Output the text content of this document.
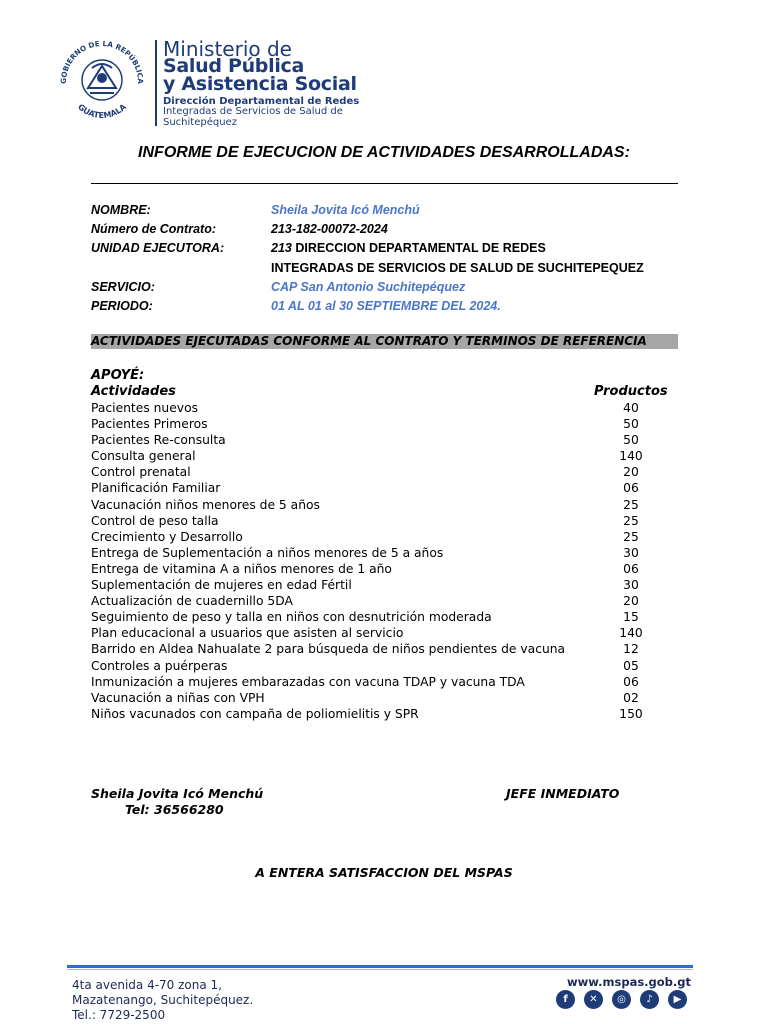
GOBIERNO DE LA REPÚBLICA
GUATEMALA
Ministerio de
Salud Pública
y Asistencia Social
Dirección Departamental de Redes
Integradas de Servicios de Salud de Suchitepéquez
INFORME DE EJECUCION DE ACTIVIDADES DESARROLLADAS:
NOMBRE:	Sheila Jovita Icó Menchú
Número de Contrato:	213-182-00072-2024
UNIDAD EJECUTORA:	213 DIRECCION DEPARTAMENTAL DE REDES
INTEGRADAS DE SERVICIOS DE SALUD DE SUCHITEPEQUEZ
SERVICIO:	CAP San Antonio Suchitepéquez
PERIODO:	01 AL 01 al 30 SEPTIEMBRE DEL 2024.
ACTIVIDADES EJECUTADAS CONFORME AL CONTRATO Y TERMINOS DE REFERENCIA
APOYÉ:
Actividades	Productos
Pacientes nuevos	40
Pacientes Primeros	50
Pacientes Re-consulta	50
Consulta general	140
Control prenatal	20
Planificación Familiar	06
Vacunación niños menores de 5 años	25
Control de peso talla	25
Crecimiento y Desarrollo	25
Entrega de Suplementación a niños menores de 5 a años	30
Entrega de vitamina A a niños menores de 1 año	06
Suplementación de mujeres en edad Fértil	30
Actualización de cuadernillo 5DA	20
Seguimiento de peso y talla en niños con desnutrición moderada	15
Plan educacional a usuarios que asisten al servicio	140
Barrido en Aldea Nahualate 2 para búsqueda de niños pendientes de vacuna	12
Controles a puérperas	05
Inmunización a mujeres embarazadas con vacuna TDAP y vacuna TDA	06
Vacunación a niñas con VPH	02
Niños vacunados con campaña de poliomielitis y SPR	150
Sheila Jovita Icó Menchú
Tel: 36566280
JEFE INMEDIATO
A ENTERA SATISFACCION DEL MSPAS
4ta avenida 4-70 zona 1,
Mazatenango, Suchitepéquez.
Tel.: 7729-2500
www.mspas.gob.gt
f	✕	◎	♪	▶
